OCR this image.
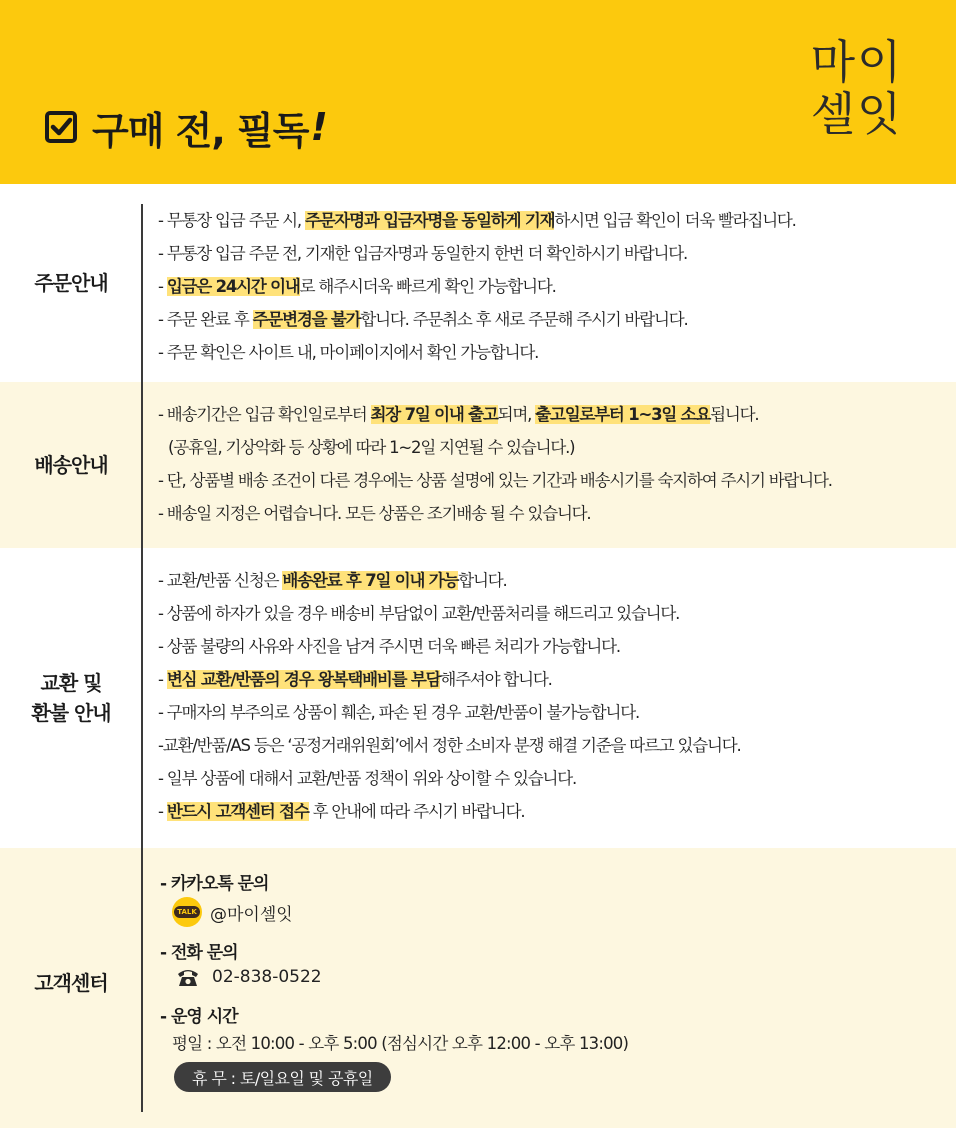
구매 전, 필독 !
마이
셀잇
주문안내
- 무통장 입금 주문 시, 주문자명과 입금자명을 동일하게 기재하시면 입금 확인이 더욱 빨라집니다.
- 무통장 입금 주문 전, 기재한 입금자명과 동일한지 한번 더 확인하시기 바랍니다.
- 입금은 24시간 이내로 해주시더욱 빠르게 확인 가능합니다.
- 주문 완료 후 주문변경을 불가합니다. 주문취소 후 새로 주문해 주시기 바랍니다.
- 주문 확인은 사이트 내, 마이페이지에서 확인 가능합니다.
배송안내
- 배송기간은 입금 확인일로부터 최장 7일 이내 출고되며, 출고일로부터 1~3일 소요됩니다.
(공휴일, 기상악화 등 상황에 따라 1~2일 지연될 수 있습니다.)
- 단, 상품별 배송 조건이 다른 경우에는 상품 설명에 있는 기간과 배송시기를 숙지하여 주시기 바랍니다.
- 배송일 지정은 어렵습니다. 모든 상품은 조기배송 될 수 있습니다.
교환 및
환불 안내
- 교환/반품 신청은 배송완료 후 7일 이내 가능합니다.
- 상품에 하자가 있을 경우 배송비 부담없이 교환/반품처리를 해드리고 있습니다.
- 상품 불량의 사유와 사진을 남겨 주시면 더욱 빠른 처리가 가능합니다.
- 변심 교환/반품의 경우 왕복택배비를 부담해주셔야 합니다.
- 구매자의 부주의로 상품이 훼손, 파손 된 경우 교환/반품이 불가능합니다.
-교환/반품/AS 등은 ‘공정거래위원회’에서 정한 소비자 분쟁 해결 기준을 따르고 있습니다.
- 일부 상품에 대해서 교환/반품 정책이 위와 상이할 수 있습니다.
- 반드시 고객센터 접수 후 안내에 따라 주시기 바랍니다.
고객센터
- 카카오톡 문의
TALK @마이셀잇
- 전화 문의
02-838-0522
- 운영 시간
평일 : 오전 10:00 - 오후 5:00 (점심시간 오후 12:00 - 오후 13:00)
휴 무 : 토/일요일 및 공휴일
